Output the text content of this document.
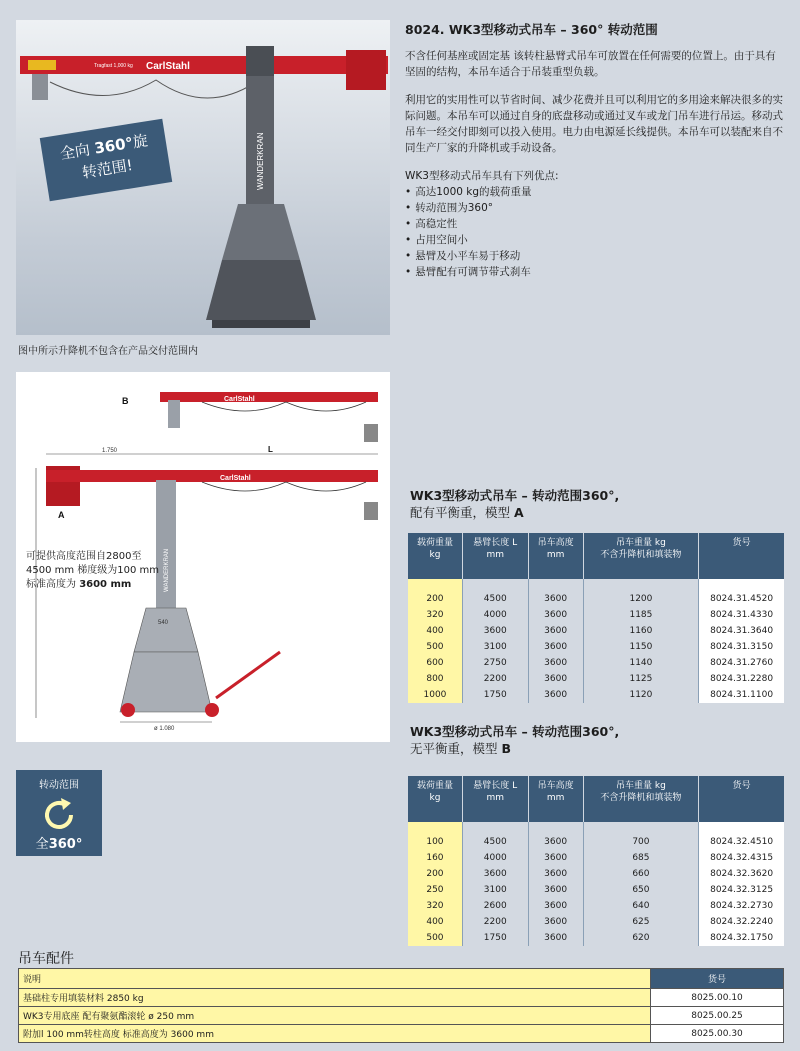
CarlStahl
Tragfast 1,000 kg
WANDERKRAN
全向 360°旋
转范围!
图中所示升降机不包含在产品交付范围内
8024. WK3型移动式吊车 – 360° 转动范围

不含任何基座或固定基 该转柱悬臂式吊车可放置在任何需要的位置上。由于具有坚固的结构，本吊车适合于吊装重型负载。

利用它的实用性可以节省时间、减少花费并且可以利用它的多用途来解决很多的实际问题。本吊车可以通过自身的底盘移动或通过叉车或龙门吊车进行吊运。移动式吊车一经交付即刻可以投入使用。电力由电源延长线提供。本吊车可以装配来自不同生产厂家的升降机或手动设备。

WK3型移动式吊车具有下列优点:
• 高达1000 kg的载荷重量
• 转动范围为360°
• 高稳定性
• 占用空间小
• 悬臂及小平车易于移动
• 悬臂配有可调节带式刹车
CarlStahl
B
1.750	L
CarlStahl
A
WANDERKRAN
540
ø 1.080
可提供高度范围自2800至
4500 mm 梯度级为100 mm
标准高度为 3600 mm
转动范围
全360°
WK3型移动式吊车 – 转动范围360°,
配有平衡重，模型 A
载荷重量
kg	悬臂长度 L
mm	吊车高度
mm	吊车重量 kg
不含升降机和填装物	货号
200	4500	3600	1200	8024.31.4520
320	4000	3600	1185	8024.31.4330
400	3600	3600	1160	8024.31.3640
500	3100	3600	1150	8024.31.3150
600	2750	3600	1140	8024.31.2760
800	2200	3600	1125	8024.31.2280
1000	1750	3600	1120	8024.31.1100
WK3型移动式吊车 – 转动范围360°,
无平衡重，模型 B
载荷重量
kg	悬臂长度 L
mm	吊车高度
mm	吊车重量 kg
不含升降机和填装物	货号
100	4500	3600	700	8024.32.4510
160	4000	3600	685	8024.32.4315
200	3600	3600	660	8024.32.3620
250	3100	3600	650	8024.32.3125
320	2600	3600	640	8024.32.2730
400	2200	3600	625	8024.32.2240
500	1750	3600	620	8024.32.1750
吊车配件
说明	货号
基础柱专用填装材料 2850 kg	8025.00.10
WK3专用底座 配有聚氨酯滚轮 ø 250 mm	8025.00.25
附加l 100 mm转柱高度 标准高度为 3600 mm	8025.00.30
